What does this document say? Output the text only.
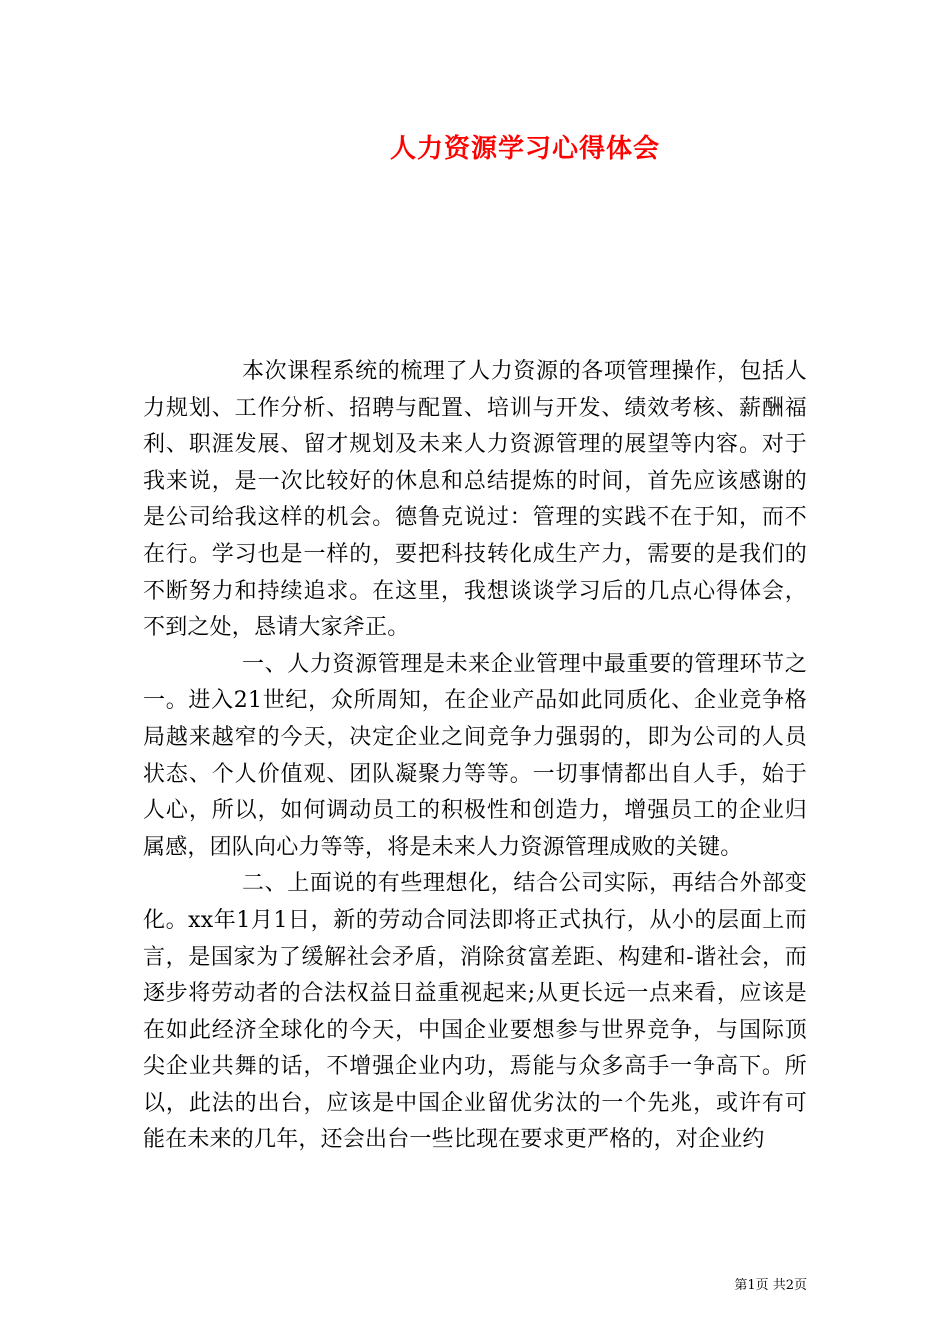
人力资源学习心得体会

本次课程系统的梳理了人力资源的各项管理操作，包括人力规划、工作分析、招聘与配置、培训与开发、绩效考核、薪酬福利、职涯发展、留才规划及未来人力资源管理的展望等内容。对于我来说，是一次比较好的休息和总结提炼的时间，首先应该感谢的是公司给我这样的机会。德鲁克说过：管理的实践不在于知，而不在行。学习也是一样的，要把科技转化成生产力，需要的是我们的不断努力和持续追求。在这里，我想谈谈学习后的几点心得体会，不到之处，恳请大家斧正。

一、人力资源管理是未来企业管理中最重要的管理环节之一。进入21世纪，众所周知，在企业产品如此同质化、企业竞争格局越来越窄的今天，决定企业之间竞争力强弱的，即为公司的人员状态、个人价值观、团队凝聚力等等。一切事情都出自人手，始于人心，所以，如何调动员工的积极性和创造力，增强员工的企业归属感，团队向心力等等，将是未来人力资源管理成败的关键。

二、上面说的有些理想化，结合公司实际，再结合外部变化。xx年1月1日，新的劳动合同法即将正式执行，从小的层面上而言，是国家为了缓解社会矛盾，消除贫富差距、构建和-谐社会，而逐步将劳动者的合法权益日益重视起来;从更长远一点来看，应该是在如此经济全球化的今天，中国企业要想参与世界竞争，与国际顶尖企业共舞的话，不增强企业内功，焉能与众多高手一争高下。所以，此法的出台，应该是中国企业留优劣汰的一个先兆，或许有可能在未来的几年，还会出台一些比现在要求更严格的，对企业约

第1页 共2页
